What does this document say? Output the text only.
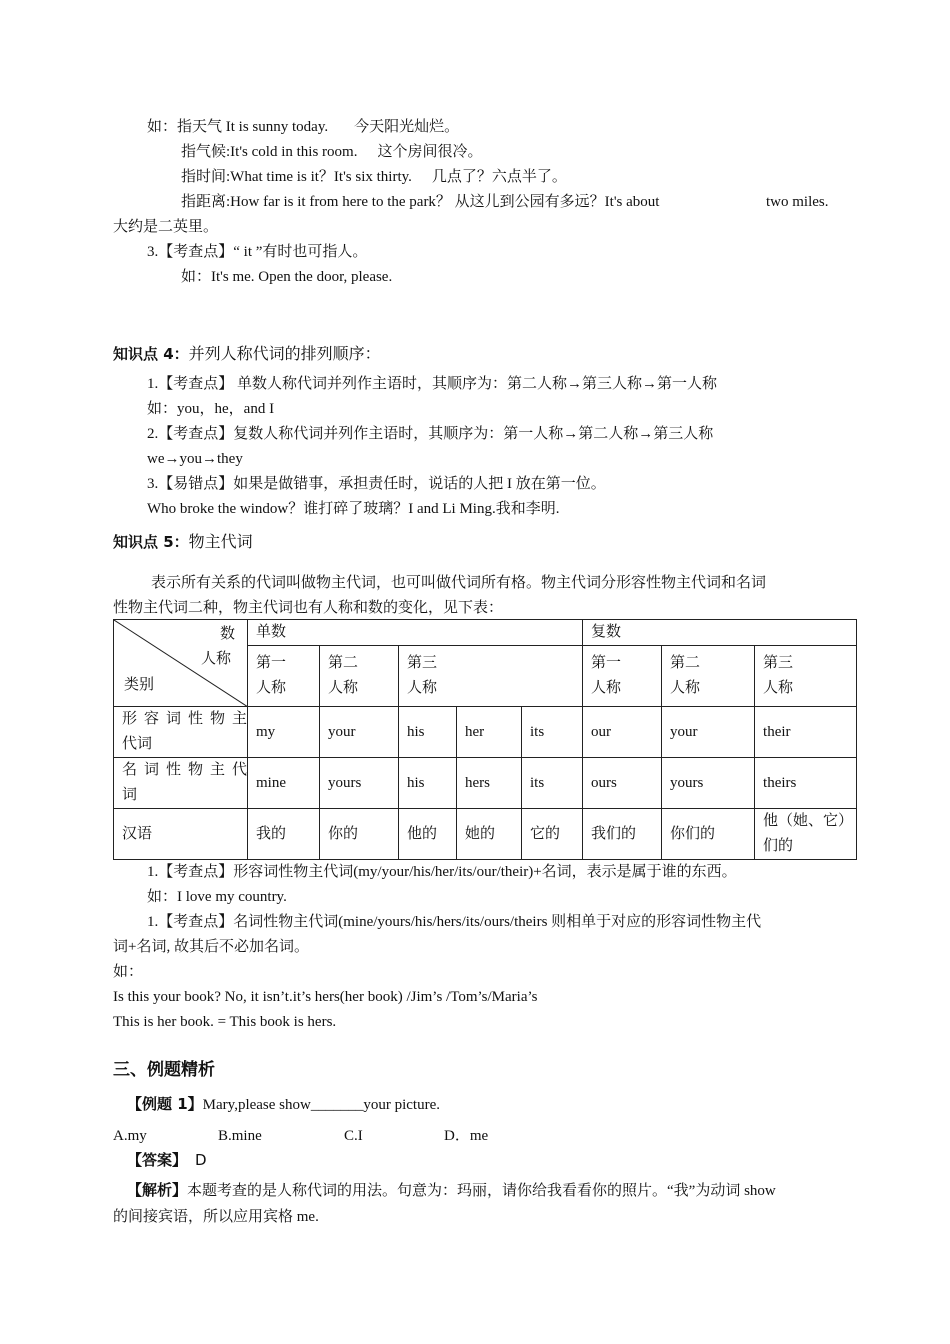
如：指天气 It is sunny today. 今天阳光灿烂。
指气候:It's cold in this room. 这个房间很冷。
指时间:What time is it？It's six thirty. 几点了？六点半了。
指距离:How far is it from here to the park？ 从这儿到公园有多远？It's about	two miles.
大约是二英里。
3.【考查点】“ it ”有时也可指人。
如：It's me. Open the door, please.
知识点 4：并列人称代词的排列顺序：
1.【考查点】 单数人称代词并列作主语时，其顺序为：第二人称→第三人称→第一人称
如：you，he，and I
2.【考查点】复数人称代词并列作主语时，其顺序为：第一人称→第二人称→第三人称
we→you→they
3.【易错点】如果是做错事，承担责任时，说话的人把 I 放在第一位。
Who broke the window？谁打碎了玻璃？I and Li Ming.我和李明.
知识点 5：物主代词
表示所有关系的代词叫做物主代词，也可叫做代词所有格。物主代词分形容性物主代词和名词
性物主代词二种，物主代词也有人称和数的变化，见下表：
数
人称
类别	单数					复数		
	第一
人称	第二
人称	第三
人称			第一
人称	第二
人称	第三
人称

形容词性物主
代词	my	your	his	her	its	our	your	their

名词性物主代
词	mine	yours	his	hers	its	ours	yours	theirs
汉语	我的	你的	他的	她的	它的	我们的	你们的	他（她、它）
们的
1.【考查点】形容词性物主代词(my/your/his/her/its/our/their)+名词，表示是属于谁的东西。
如：I love my country.
1.【考查点】名词性物主代词(mine/yours/his/hers/its/ours/theirs 则相单于对应的形容词性物主代
词+名词, 故其后不必加名词。
如：
Is this your book? No, it isn’t.it’s hers(her book) /Jim’s /Tom’s/Maria’s
This is her book. = This book is hers.
三、例题精析
【例题 1】Mary,please show_______your picture.
A.my	B.mine	C.I	D．me
【答案】 D
【解析】本题考查的是人称代词的用法。句意为：玛丽，请你给我看看你的照片。“我”为动词 show
的间接宾语，所以应用宾格 me.
